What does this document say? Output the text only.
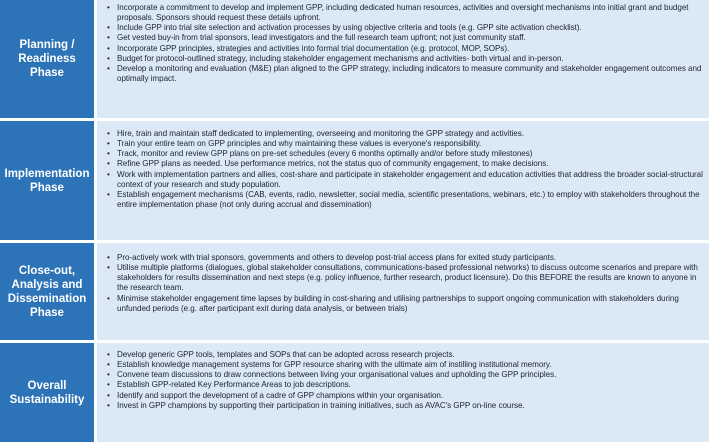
Planning /
Readiness
Phase
• Incorporate a commitment to develop and implement GPP, including dedicated human resources, activities and oversight mechanisms into initial grant and budget proposals. Sponsors should request these details upfront.
• Include GPP into trial site selection and activation processes by using objective criteria and tools (e.g. GPP site activation checklist).
• Get vested buy-in from trial sponsors, lead investigators and the full research team upfront; not just community staff.
• Incorporate GPP principles, strategies and activities into formal trial documentation (e.g. protocol, MOP, SOPs).
• Budget for protocol-outlined strategy, including stakeholder engagement mechanisms and activities- both virtual and in-person.
• Develop a monitoring and evaluation (M&E) plan aligned to the GPP strategy, including indicators to measure community and stakeholder engagement outcomes and optimally impact.
Implementation
Phase
• Hire, train and maintain staff dedicated to implementing, overseeing and monitoring the GPP strategy and activities.
• Train your entire team on GPP principles and why maintaining these values is everyone's responsibility.
• Track, monitor and review GPP plans on pre-set schedules (every 6 months optimally and/or before study milestones)
• Refine GPP plans as needed. Use performance metrics, not the status quo of community engagement, to make decisions.
• Work with implementation partners and allies, cost-share and participate in stakeholder engagement and education activities that address the broader social-structural context of your research and study population.
• Establish engagement mechanisms (CAB, events, radio, newsletter, social media, scientific presentations, webinars, etc.) to employ with stakeholders throughout the entire implementation phase (not only during accrual and dissemination)
Close-out,
Analysis and
Dissemination
Phase
• Pro-actively work with trial sponsors, governments and others to develop post-trial access plans for exited study participants.
• Utilise multiple platforms (dialogues, global stakeholder consultations, communications-based professional networks) to discuss outcome scenarios and prepare with stakeholders for results dissemination and next steps (e.g. policy influence, further research, product licensure). Do this BEFORE the results are known to anyone in the research team.
• Minimise stakeholder engagement time lapses by building in cost-sharing and utilising partnerships to support ongoing communication with stakeholders during unfunded periods (e.g. after participant exit during data analysis, or between trials)
Overall
Sustainability
• Develop generic GPP tools, templates and SOPs that can be adopted across research projects.
• Establish knowledge management systems for GPP resource sharing with the ultimate aim of instilling institutional memory.
• Convene team discussions to draw connections between living your organisational values and upholding the GPP principles.
• Establish GPP-related Key Performance Areas to job descriptions.
• Identify and support the development of a cadre of GPP champions within your organisation.
• Invest in GPP champions by supporting their participation in training initiatives, such as AVAC's GPP on-line course.
